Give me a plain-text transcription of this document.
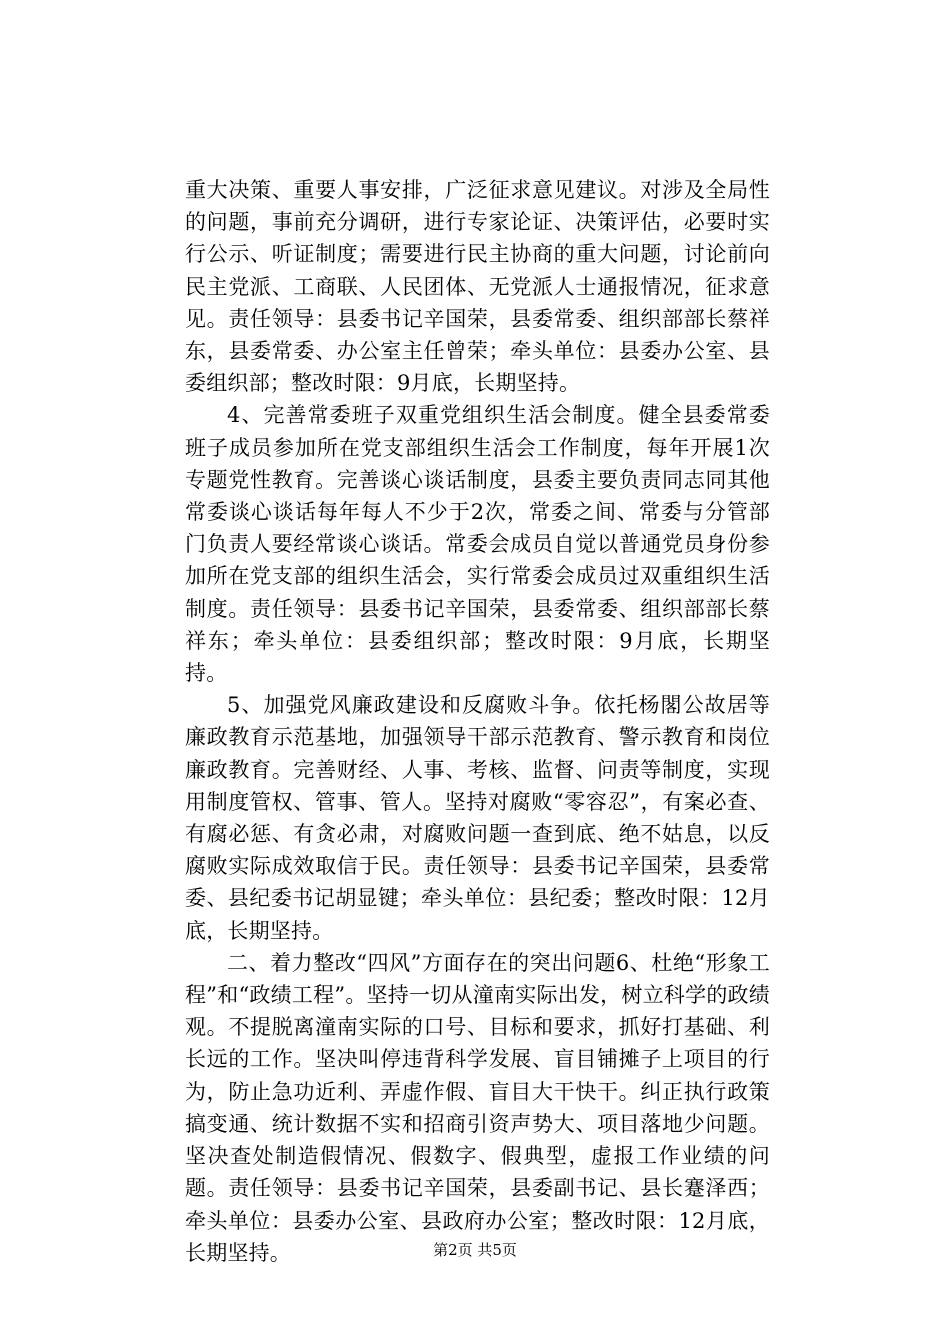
重大决策、重要人事安排，广泛征求意见建议。对涉及全局性的问题，事前充分调研，进行专家论证、决策评估，必要时实行公示、听证制度；需要进行民主协商的重大问题，讨论前向民主党派、工商联、人民团体、无党派人士通报情况，征求意见。责任领导：县委书记辛国荣，县委常委、组织部部长蔡祥东，县委常委、办公室主任曾荣；牵头单位：县委办公室、县委组织部；整改时限：9月底，长期坚持。

4、完善常委班子双重党组织生活会制度。健全县委常委班子成员参加所在党支部组织生活会工作制度，每年开展1次专题党性教育。完善谈心谈话制度，县委主要负责同志同其他常委谈心谈话每年每人不少于2次，常委之间、常委与分管部门负责人要经常谈心谈话。常委会成员自觉以普通党员身份参加所在党支部的组织生活会，实行常委会成员过双重组织生活制度。责任领导：县委书记辛国荣，县委常委、组织部部长蔡祥东；牵头单位：县委组织部；整改时限：9月底，长期坚持。

5、加强党风廉政建设和反腐败斗争。依托杨閣公故居等廉政教育示范基地，加强领导干部示范教育、警示教育和岗位廉政教育。完善财经、人事、考核、监督、问责等制度，实现用制度管权、管事、管人。坚持对腐败“零容忍”，有案必查、有腐必惩、有贪必肃，对腐败问题一查到底、绝不姑息，以反腐败实际成效取信于民。责任领导：县委书记辛国荣，县委常委、县纪委书记胡显键；牵头单位：县纪委；整改时限：12月底，长期坚持。

二、着力整改“四风”方面存在的突出问题6、杜绝“形象工程”和“政绩工程”。坚持一切从潼南实际出发，树立科学的政绩观。不提脱离潼南实际的口号、目标和要求，抓好打基础、利长远的工作。坚决叫停违背科学发展、盲目铺摊子上项目的行为，防止急功近利、弄虚作假、盲目大干快干。纠正执行政策搞变通、统计数据不实和招商引资声势大、项目落地少问题。坚决查处制造假情况、假数字、假典型，虚报工作业绩的问题。责任领导：县委书记辛国荣，县委副书记、县长蹇泽西；牵头单位：县委办公室、县政府办公室；整改时限：12月底，长期坚持。	第2页 共5页
